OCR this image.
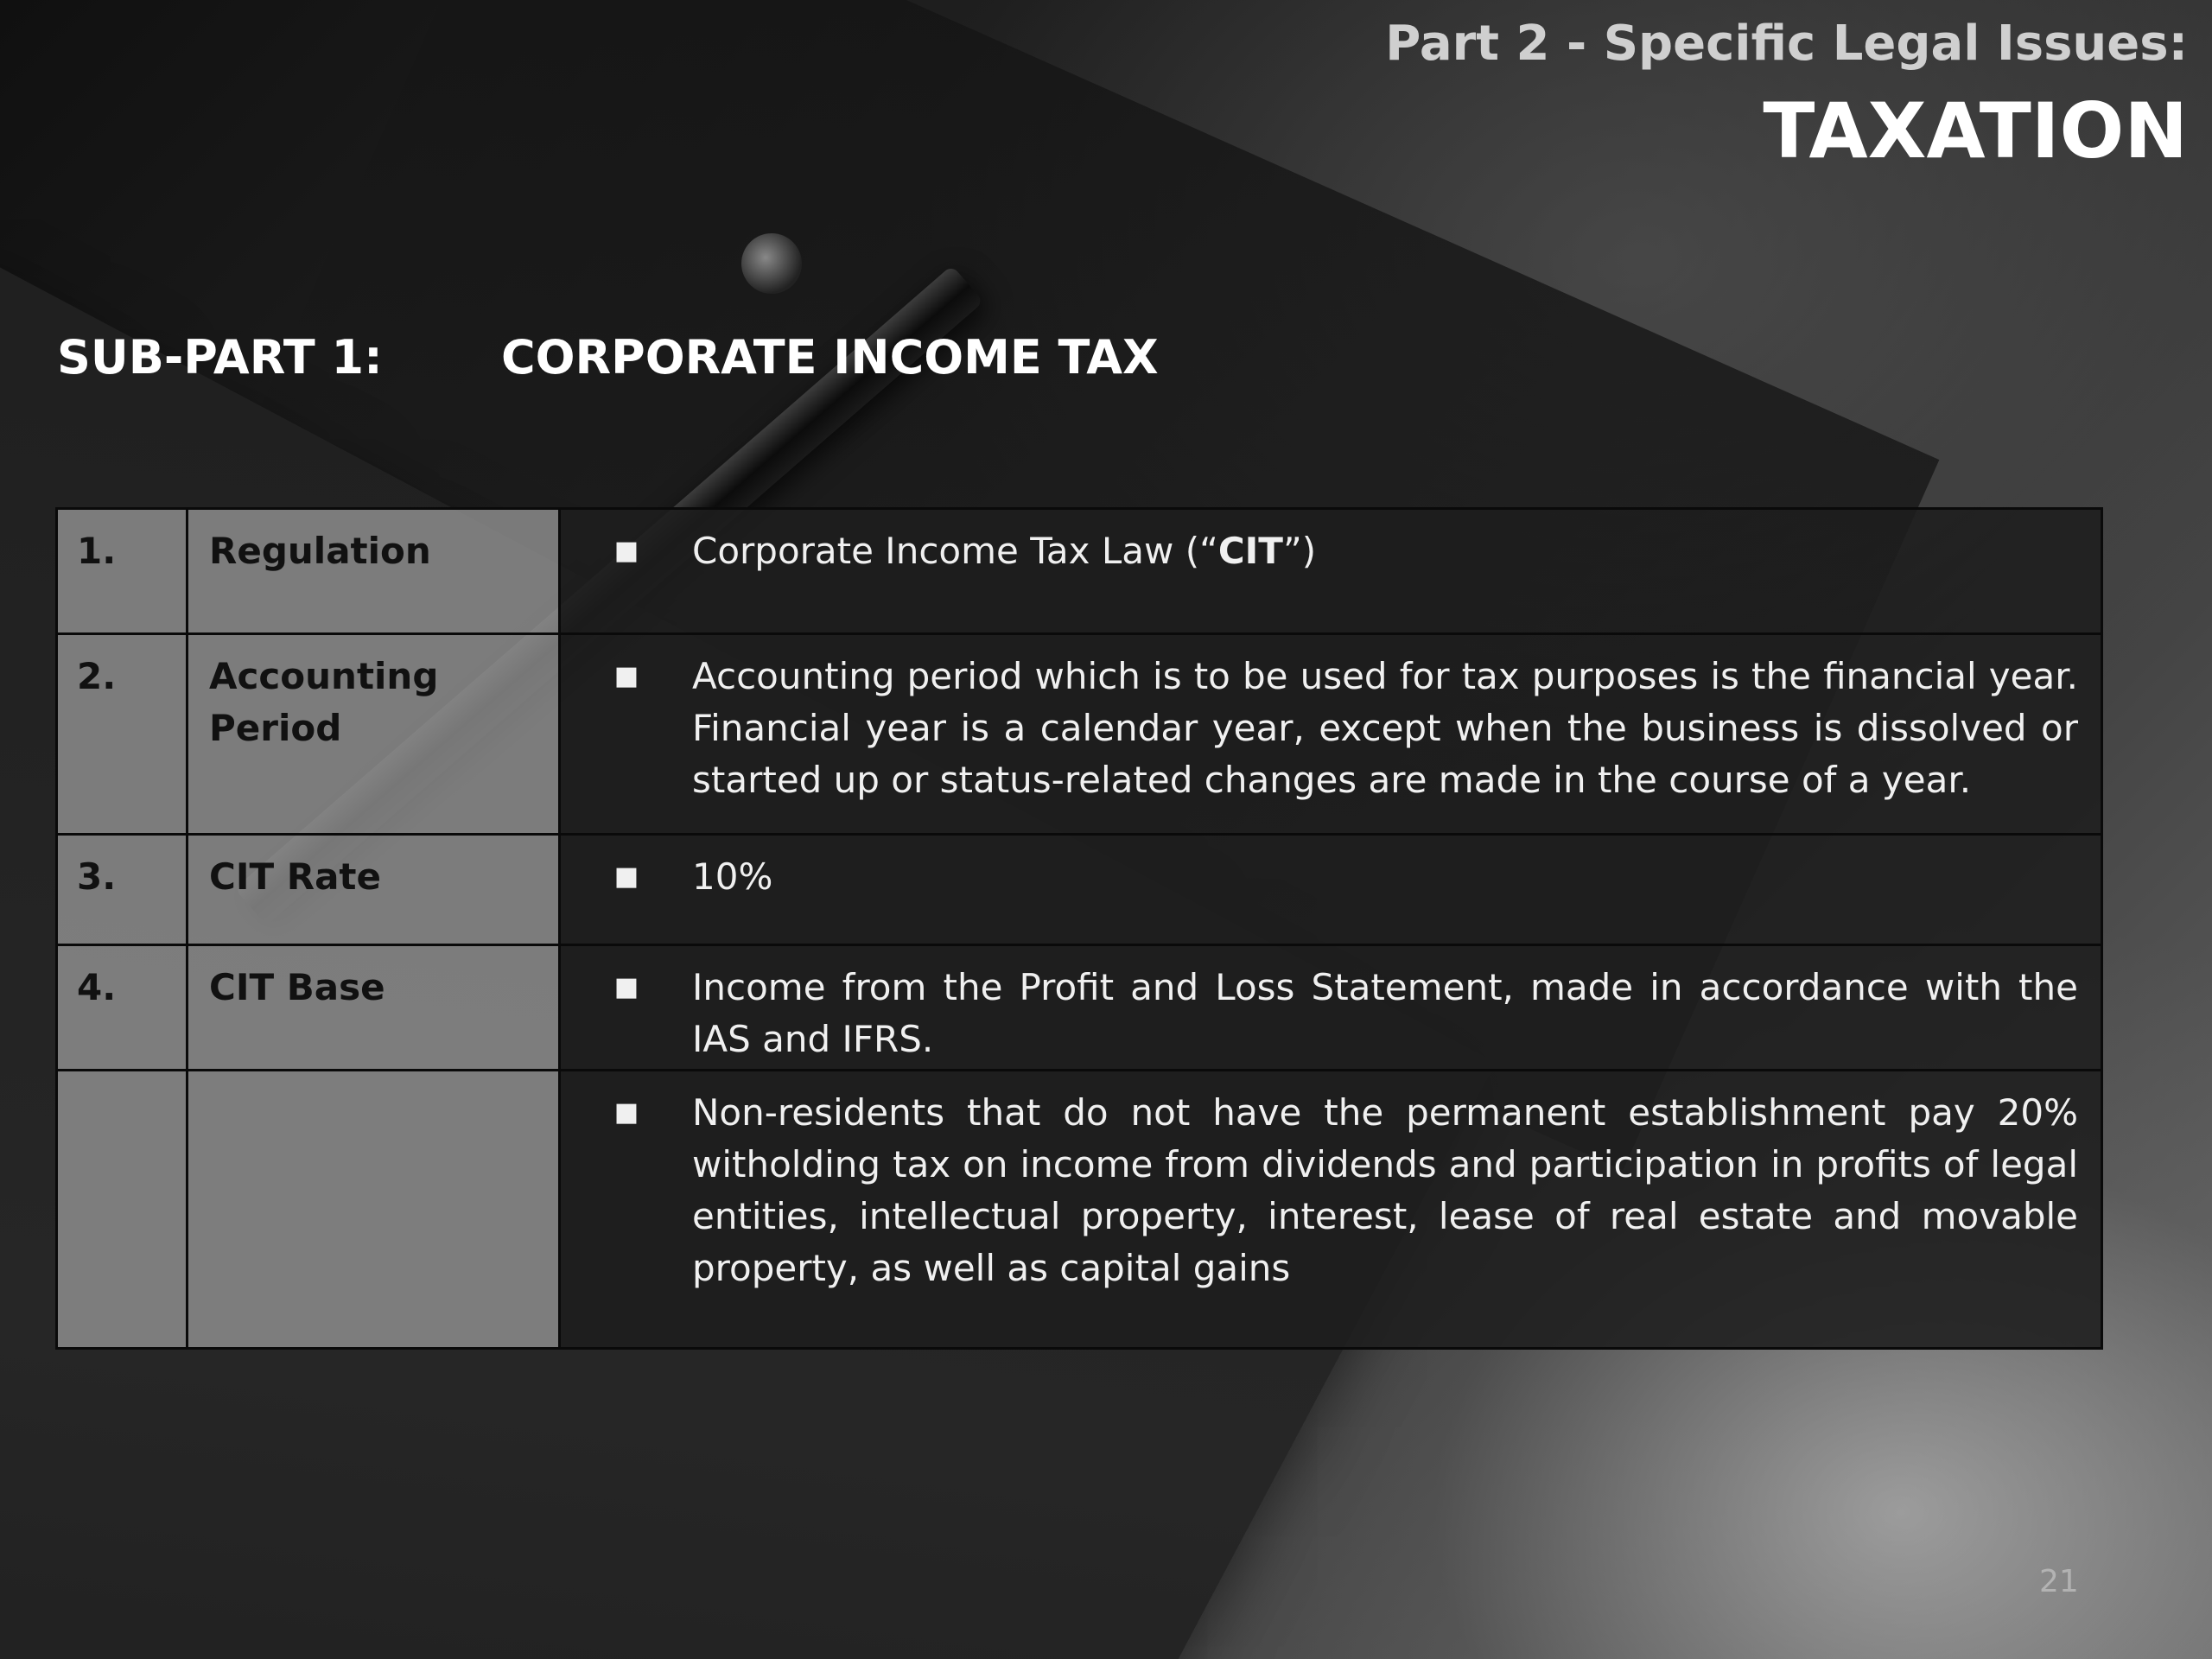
Part 2 - Specific Legal Issues:
TAXATION
SUB-PART 1:	CORPORATE INCOME TAX
1.	Regulation	■ Corporate Income Tax Law (“CIT”)

2.	Accounting Period	■ Accounting period which is to be used for tax purposes is the financial year. Financial year is a calendar year, except when the business is dissolved or started up or status-related changes are made in the course of a year.

3.	CIT Rate	■ 10%

4.	CIT Base	■ Income from the Profit and Loss Statement, made in accordance with the IAS and IFRS.

		■ Non-residents that do not have the permanent establishment pay 20% witholding tax on income from dividends and participation in profits of legal entities, intellectual property, interest, lease of real estate and movable property, as well as capital gains
21
